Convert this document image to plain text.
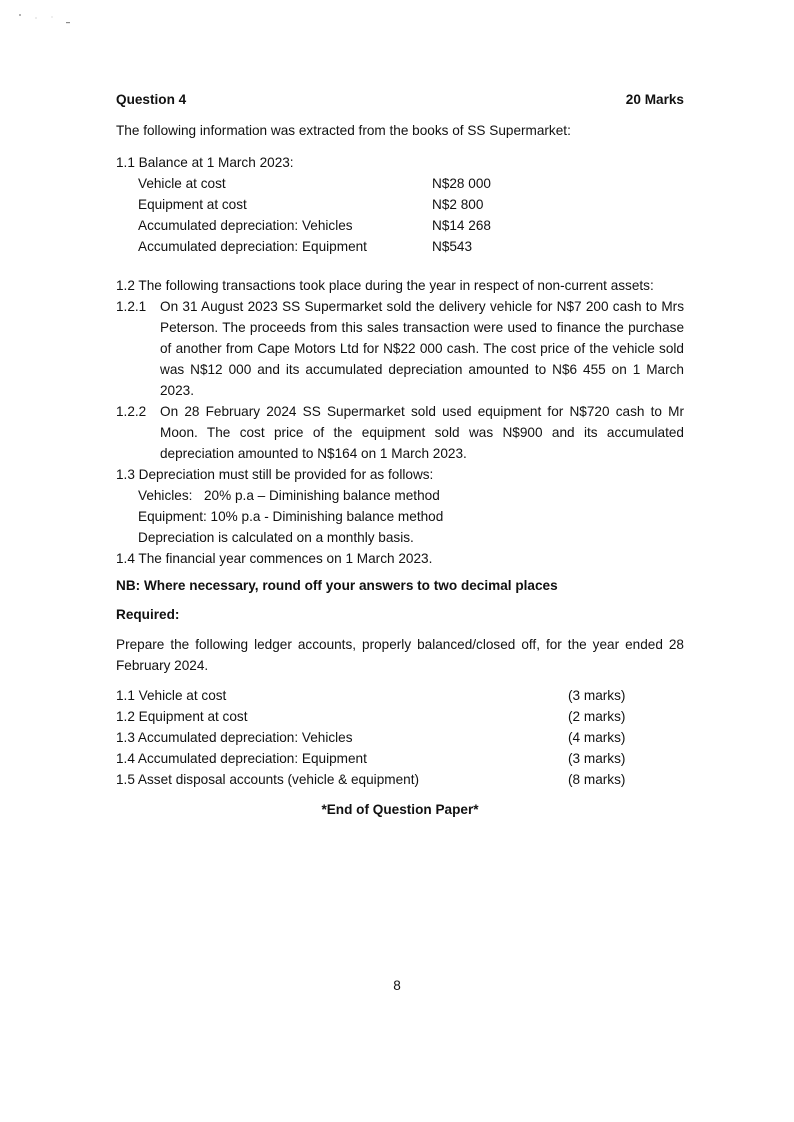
Question 4	20 Marks
The following information was extracted from the books of SS Supermarket:
1.1 Balance at 1 March 2023:
Vehicle at cost	N$28 000
Equipment at cost	N$2 800
Accumulated depreciation: Vehicles	N$14 268
Accumulated depreciation: Equipment	N$543
1.2 The following transactions took place during the year in respect of non-current assets:
1.2.1	On 31 August 2023 SS Supermarket sold the delivery vehicle for N$7 200 cash to Mrs Peterson. The proceeds from this sales transaction were used to finance the purchase of another from Cape Motors Ltd for N$22 000 cash. The cost price of the vehicle sold was N$12 000 and its accumulated depreciation amounted to N$6 455 on 1 March 2023.
1.2.2	On 28 February 2024 SS Supermarket sold used equipment for N$720 cash to Mr Moon. The cost price of the equipment sold was N$900 and its accumulated depreciation amounted to N$164 on 1 March 2023.
1.3 Depreciation must still be provided for as follows:
Vehicles: 20% p.a – Diminishing balance method
Equipment: 10% p.a - Diminishing balance method
Depreciation is calculated on a monthly basis.
1.4 The financial year commences on 1 March 2023.
NB: Where necessary, round off your answers to two decimal places
Required:
Prepare the following ledger accounts, properly balanced/closed off, for the year ended 28 February 2024.
1.1 Vehicle at cost	(3 marks)
1.2 Equipment at cost	(2 marks)
1.3 Accumulated depreciation: Vehicles	(4 marks)
1.4 Accumulated depreciation: Equipment	(3 marks)
1.5 Asset disposal accounts (vehicle & equipment)	(8 marks)
*End of Question Paper*
8
